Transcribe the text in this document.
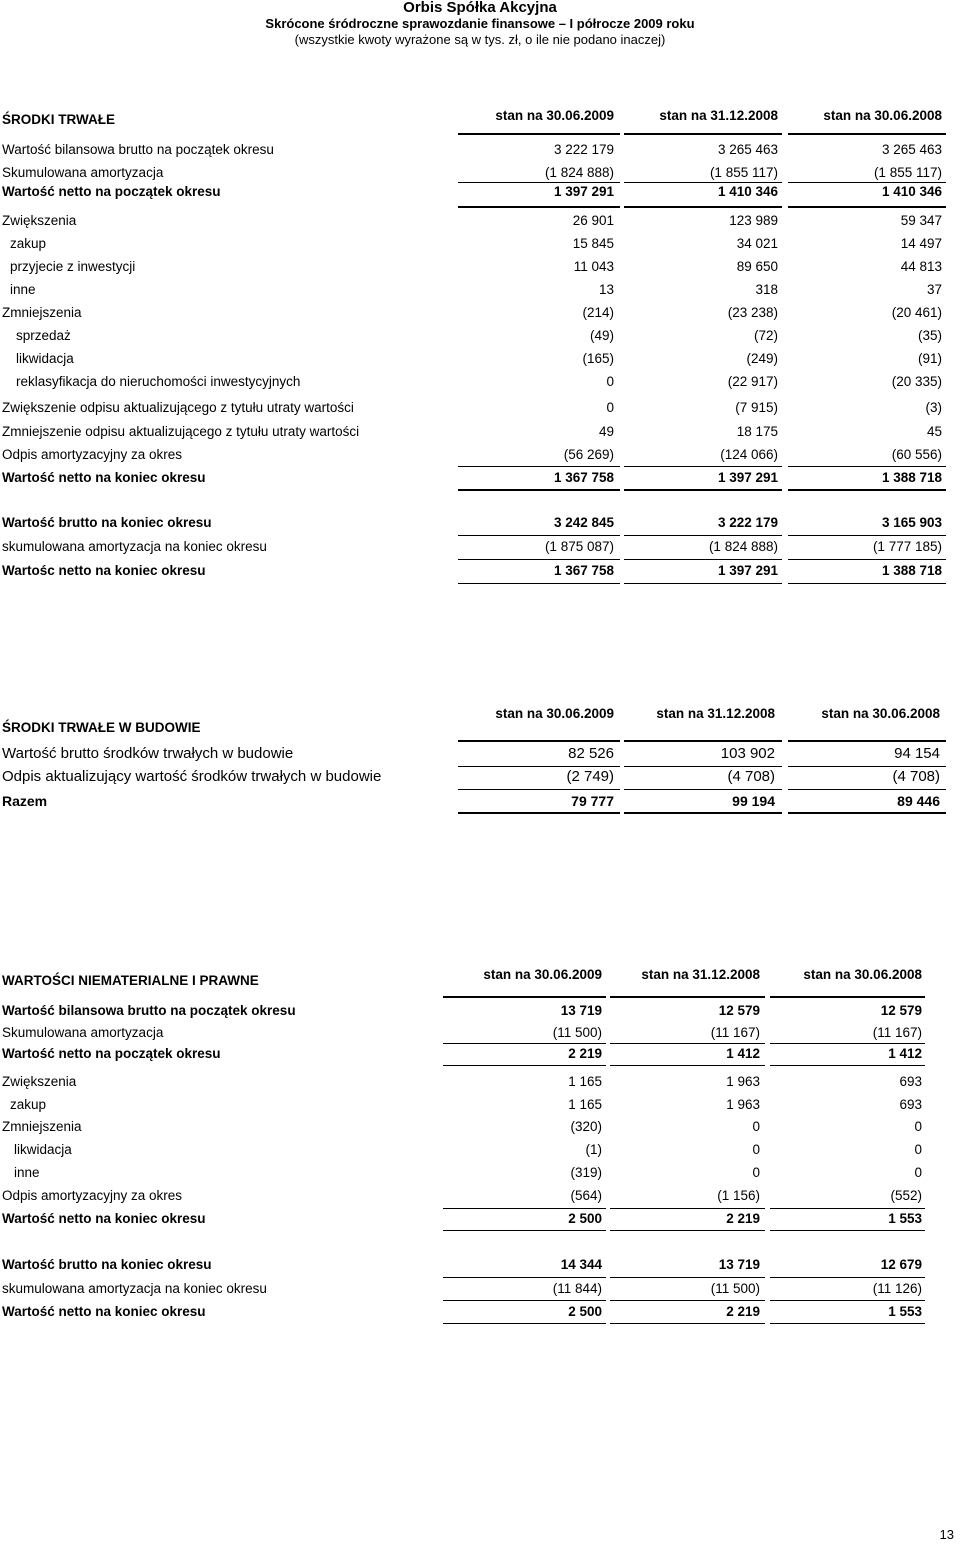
Orbis Spółka Akcyjna
Skrócone śródroczne sprawozdanie finansowe – I półrocze 2009 roku
(wszystkie kwoty wyrażone są w tys. zł, o ile nie podano inaczej)
ŚRODKI TRWAŁE	stan na 30.06.2009	stan na 31.12.2008	stan na 30.06.2008
Wartość bilansowa brutto na początek okresu	3 222 179	3 265 463	3 265 463
Skumulowana amortyzacja	(1 824 888)	(1 855 117)	(1 855 117)
Wartość netto na początek okresu	1 397 291	1 410 346	1 410 346
Zwiększenia	26 901	123 989	59 347
zakup	15 845	34 021	14 497
przyjecie z inwestycji	11 043	89 650	44 813
inne	13	318	37
Zmniejszenia	(214)	(23 238)	(20 461)
sprzedaż	(49)	(72)	(35)
likwidacja	(165)	(249)	(91)
reklasyfikacja do nieruchomości inwestycyjnych	0	(22 917)	(20 335)
Zwiększenie odpisu aktualizującego z tytułu utraty wartości	0	(7 915)	(3)
Zmniejszenie odpisu aktualizującego z tytułu utraty wartości	49	18 175	45
Odpis amortyzacyjny za okres	(56 269)	(124 066)	(60 556)
Wartość netto na koniec okresu	1 367 758	1 397 291	1 388 718
Wartość brutto na koniec okresu	3 242 845	3 222 179	3 165 903
skumulowana amortyzacja na koniec okresu	(1 875 087)	(1 824 888)	(1 777 185)
Wartośc netto na koniec okresu	1 367 758	1 397 291	1 388 718
ŚRODKI TRWAŁE W BUDOWIE
stan na 30.06.2009	stan na 31.12.2008	stan na 30.06.2008
Wartość brutto środków trwałych w budowie	82 526	103 902	94 154
Odpis aktualizujący wartość środków trwałych w budowie	(2 749)	(4 708)	(4 708)
Razem	79 777	99 194	89 446
WARTOŚCI NIEMATERIALNE I PRAWNE	stan na 30.06.2009	stan na 31.12.2008	stan na 30.06.2008
Wartość bilansowa brutto na początek okresu	13 719	12 579	12 579
Skumulowana amortyzacja	(11 500)	(11 167)	(11 167)
Wartość netto na początek okresu	2 219	1 412	1 412
Zwiększenia	1 165	1 963	693
zakup	1 165	1 963	693
Zmniejszenia	(320)	0	0
likwidacja	(1)	0	0
inne	(319)	0	0
Odpis amortyzacyjny za okres	(564)	(1 156)	(552)
Wartość netto na koniec okresu	2 500	2 219	1 553
Wartość brutto na koniec okresu	14 344	13 719	12 679
skumulowana amortyzacja na koniec okresu	(11 844)	(11 500)	(11 126)
Wartość netto na koniec okresu	2 500	2 219	1 553
13
